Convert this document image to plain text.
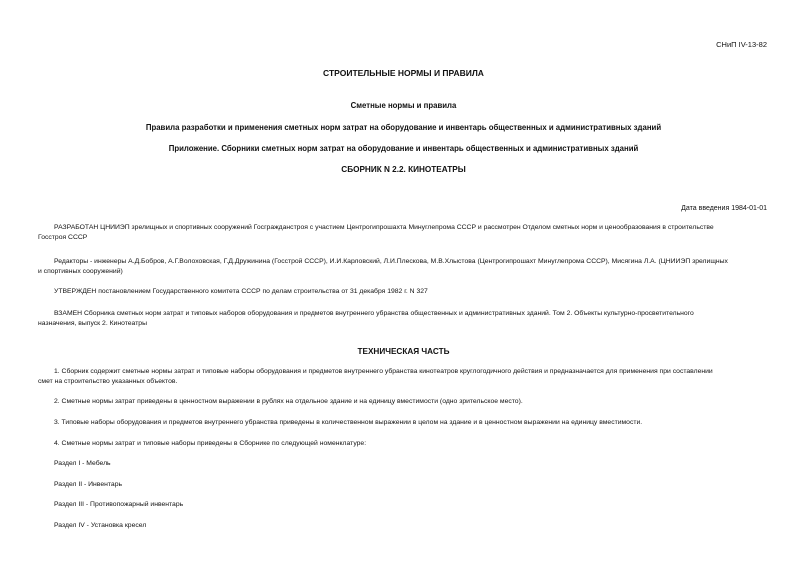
СНиП IV-13-82
СТРОИТЕЛЬНЫЕ НОРМЫ И ПРАВИЛА
Сметные нормы и правила
Правила разработки и применения сметных норм затрат на оборудование и инвентарь общественных и административных зданий
Приложение. Сборники сметных норм затрат на оборудование и инвентарь общественных и административных зданий
СБОРНИК N 2.2. КИНОТЕАТРЫ
Дата введения 1984-01-01
РАЗРАБОТАН ЦНИИЭП зрелищных и спортивных сооружений Госгражданстроя с участием Центрогипрошахта Минуглепрома СССР и рассмотрен Отделом сметных норм и ценообразования в строительстве
Госстроя СССР
Редакторы - инженеры А.Д.Бобров, А.Г.Волоховская, Г.Д.Дружинина (Госстрой СССР), И.И.Карловский, Л.И.Плескова, М.В.Хлыстова (Центрогипрошахт Минуглепрома СССР), Мисягина Л.А. (ЦНИИЭП зрелищных
и спортивных сооружений)
УТВЕРЖДЕН постановлением Государственного комитета СССР по делам строительства от 31 декабря 1982 г. N 327
ВЗАМЕН Сборника сметных норм затрат и типовых наборов оборудования и предметов внутреннего убранства общественных и административных зданий. Том 2. Объекты культурно-просветительного
назначения, выпуск 2. Кинотеатры
ТЕХНИЧЕСКАЯ ЧАСТЬ
1. Сборник содержит сметные нормы затрат и типовые наборы оборудования и предметов внутреннего убранства кинотеатров круглогодичного действия и предназначается для применения при составлении
смет на строительство указанных объектов.
2. Сметные нормы затрат приведены в ценностном выражении в рублях на отдельное здание и на единицу вместимости (одно зрительское место).
3. Типовые наборы оборудования и предметов внутреннего убранства приведены в количественном выражении в целом на здание и в ценностном выражении на единицу вместимости.
4. Сметные нормы затрат и типовые наборы приведены в Сборнике по следующей номенклатуре:
Раздел I - Мебель
Раздел II - Инвентарь
Раздел III - Противопожарный инвентарь
Раздел IV - Установка кресел
